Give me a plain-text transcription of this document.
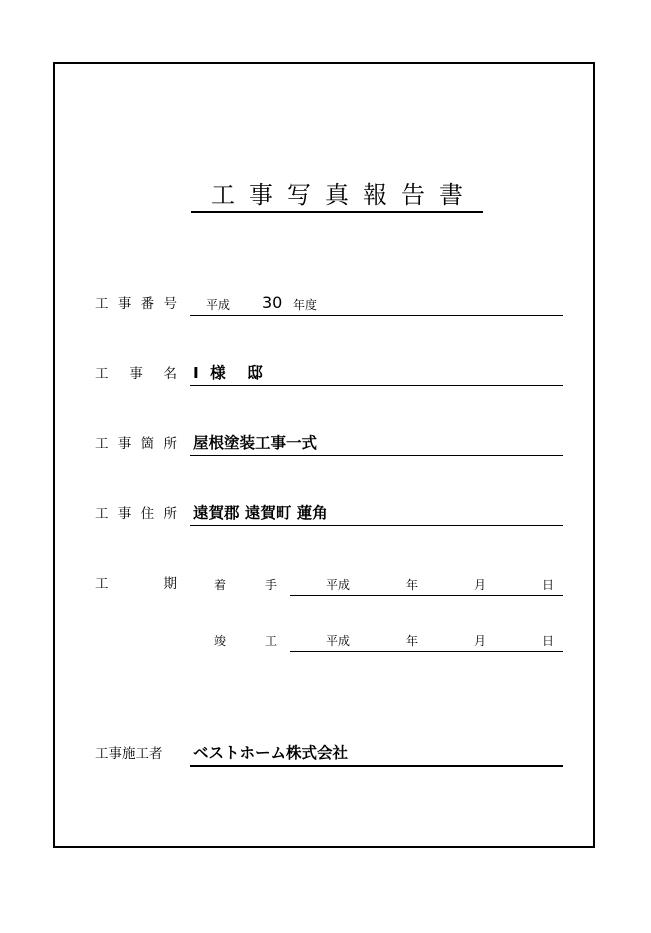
工事写真報告書
工 事 番 号 平成 30 年度
工 事 名 I 様　邸
工 事 箇 所 屋根塗装工事一式
工 事 住 所 遠賀郡 遠賀町 蓮角
工	期	着	手	平成	年	月	日
竣	工	平成	年	月	日
工 事 施 工 者 ベストホーム株式会社
